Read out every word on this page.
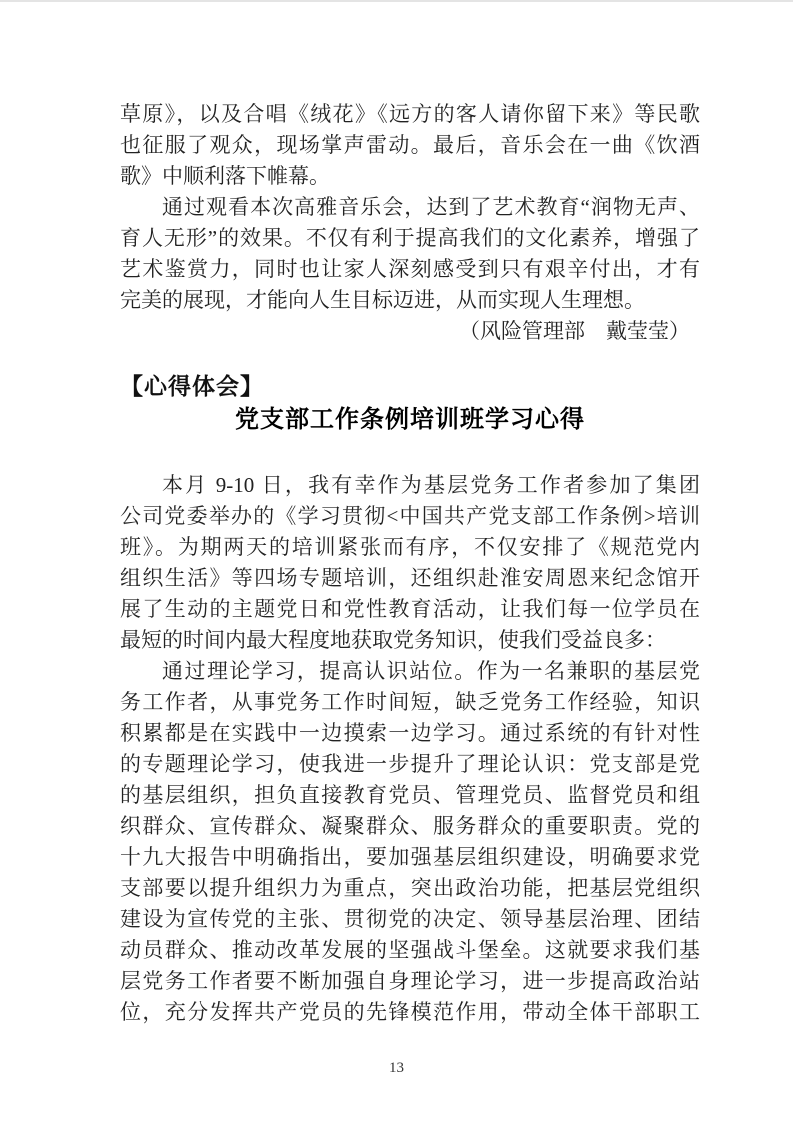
草原》，以及合唱《绒花》《远方的客人请你留下来》等民歌
也征服了观众，现场掌声雷动。最后，音乐会在一曲《饮酒
歌》中顺利落下帷幕。
通过观看本次高雅音乐会，达到了艺术教育“润物无声、
育人无形”的效果。不仅有利于提高我们的文化素养，增强了
艺术鉴赏力，同时也让家人深刻感受到只有艰辛付出，才有
完美的展现，才能向人生目标迈进，从而实现人生理想。
（风险管理部　戴莹莹）
【心得体会】
党支部工作条例培训班学习心得
本月 9-10 日，我有幸作为基层党务工作者参加了集团
公司党委举办的《学习贯彻<中国共产党支部工作条例>培训
班》。为期两天的培训紧张而有序，不仅安排了《规范党内
组织生活》等四场专题培训，还组织赴淮安周恩来纪念馆开
展了生动的主题党日和党性教育活动，让我们每一位学员在
最短的时间内最大程度地获取党务知识，使我们受益良多：
通过理论学习，提高认识站位。作为一名兼职的基层党
务工作者，从事党务工作时间短，缺乏党务工作经验，知识
积累都是在实践中一边摸索一边学习。通过系统的有针对性
的专题理论学习，使我进一步提升了理论认识：党支部是党
的基层组织，担负直接教育党员、管理党员、监督党员和组
织群众、宣传群众、凝聚群众、服务群众的重要职责。党的
十九大报告中明确指出，要加强基层组织建设，明确要求党
支部要以提升组织力为重点，突出政治功能，把基层党组织
建设为宣传党的主张、贯彻党的决定、领导基层治理、团结
动员群众、推动改革发展的坚强战斗堡垒。这就要求我们基
层党务工作者要不断加强自身理论学习，进一步提高政治站
位，充分发挥共产党员的先锋模范作用，带动全体干部职工
13
